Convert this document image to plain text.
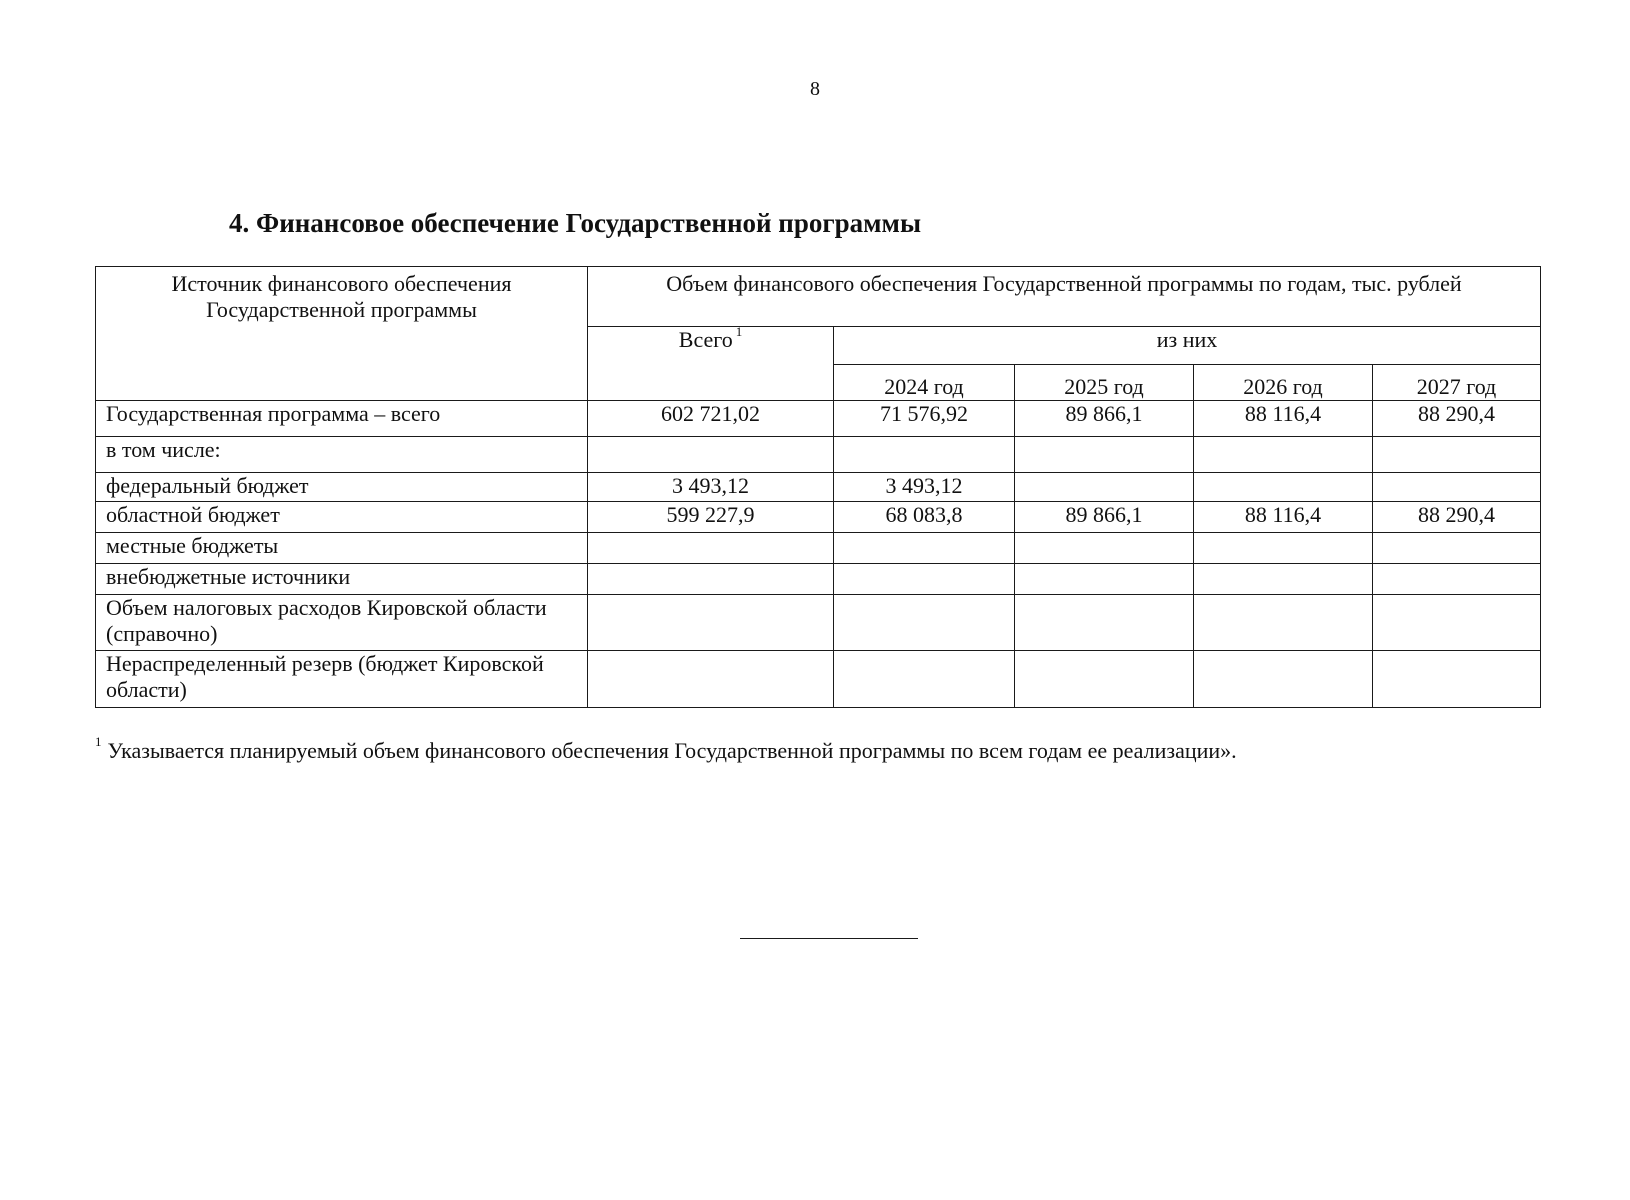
8
4. Финансовое обеспечение Государственной программы
Источник финансового обеспечения Государственной программы	Объем финансового обеспечения Государственной программы по годам, тыс. рублей				
	Всего $^1$	из них			
		2024 год	2025 год	2026 год	2027 год
Государственная программа – всего	602 721,02	71 576,92	89 866,1	88 116,4	88 290,4
в том числе:					
федеральный бюджет	3 493,12	3 493,12			
областной бюджет	599 227,9	68 083,8	89 866,1	88 116,4	88 290,4
местные бюджеты					
внебюджетные источники					
Объем налоговых расходов Кировской области (справочно)					
Нераспределенный резерв (бюджет Кировской области)					
$^1$ Указывается планируемый объем финансового обеспечения Государственной программы по всем годам ее реализации».
